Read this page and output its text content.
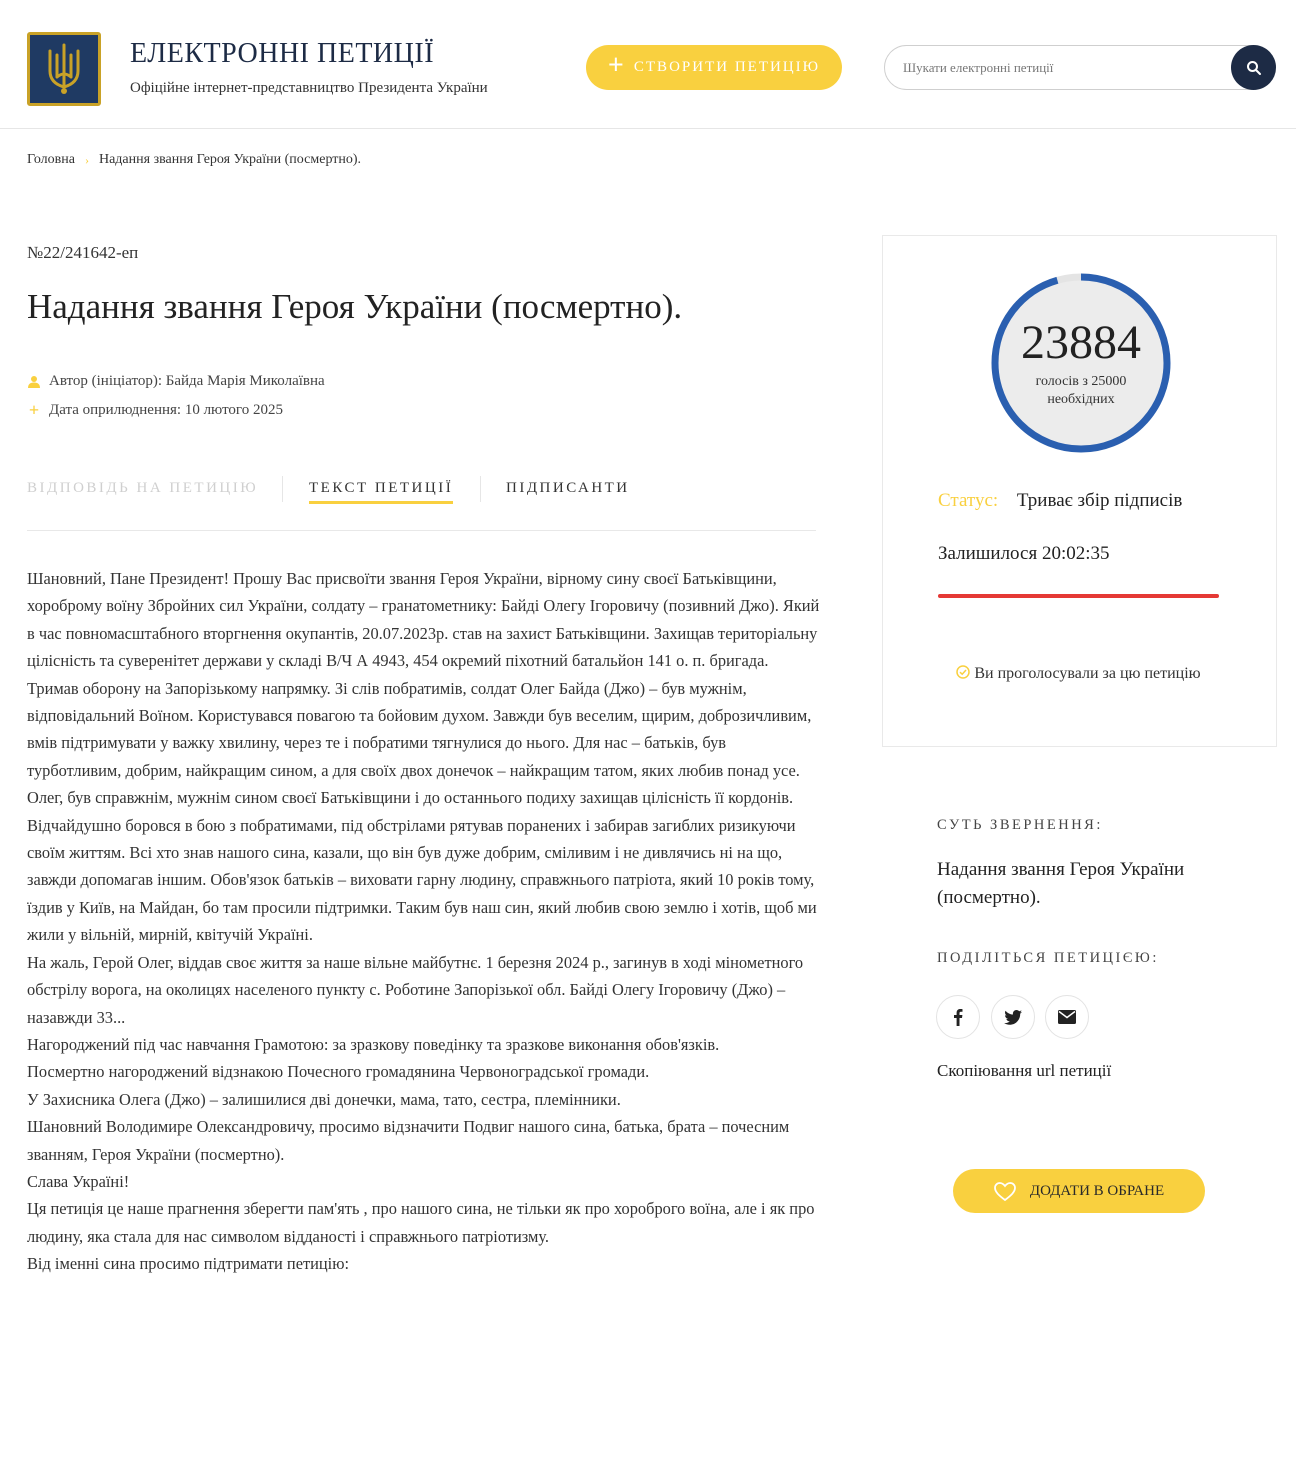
ЕЛЕКТРОННІ ПЕТИЦІЇ
Офіційне інтернет-представництво Президента України
+ СТВОРИТИ ПЕТИЦІЮ
Шукати електронні петиції
Головна › Надання звання Героя України (посмертно).
№22/241642-еп
Надання звання Героя України (посмертно).
Автор (ініціатор): Байда Марія Миколаївна
+ Дата оприлюднення: 10 лютого 2025
ВІДПОВІДЬ НА ПЕТИЦІЮ	ТЕКСТ ПЕТИЦІЇ	ПІДПИСАНТИ

Шановний, Пане Президент! Прошу Вас присвоїти звання Героя України, вірному сину своєї Батьківщини, хороброму воїну Збройних сил України, солдату – гранатометнику: Байді Олегу Ігоровичу (позивний Джо). Який в час повномасштабного вторгнення окупантів, 20.07.2023р. став на захист Батьківщини. Захищав територіальну цілісність та суверенітет держави у складі В/Ч А 4943, 454 окремий піхотний батальйон 141 о. п. бригада. Тримав оборону на Запорізькому напрямку. Зі слів побратимів, солдат Олег Байда (Джо) – був мужнім, відповідальний Воїном. Користувався повагою та бойовим духом. Завжди був веселим, щирим, доброзичливим, вмів підтримувати у важку хвилину, через те і побратими тягнулися до нього. Для нас – батьків, був турботливим, добрим, найкращим сином, а для своїх двох донечок – найкращим татом, яких любив понад усе.

Олег, був справжнім, мужнім сином своєї Батьківщини і до останнього подиху захищав цілісність її кордонів. Відчайдушно боровся в бою з побратимами, під обстрілами рятував поранених і забирав загиблих ризикуючи своїм життям. Всі хто знав нашого сина, казали, що він був дуже добрим, сміливим і не дивлячись ні на що, завжди допомагав іншим. Обов'язок батьків – виховати гарну людину, справжнього патріота, який 10 років тому, їздив у Київ, на Майдан, бо там просили підтримки. Таким був наш син, який любив свою землю і хотів, щоб ми жили у вільній, мирній, квітучій Україні.

На жаль, Герой Олег, віддав своє життя за наше вільне майбутнє. 1 березня 2024 р., загинув в ході мінометного обстрілу ворога, на околицях населеного пункту с. Роботине Запорізької обл. Байді Олегу Ігоровичу (Джо) – назавжди 33...

Нагороджений під час навчання Грамотою: за зразкову поведінку та зразкове виконання обов'язків.

Посмертно нагороджений відзнакою Почесного громадянина Червоноградської громади.

У Захисника Олега (Джо) – залишилися дві донечки, мама, тато, сестра, племінники.

Шановний Володимире Олександровичу, просимо відзначити Подвиг нашого сина, батька, брата – почесним званням, Героя України (посмертно).

Слава Україні!

Ця петиція це наше прагнення зберегти пам'ять , про нашого сина, не тільки як про хороброго воїна, але і як про людину, яка стала для нас символом відданості і справжнього патріотизму.

Від іменні сина просимо підтримати петицію:

23884
голосів з 25000
необхідних
Статус: Триває збір підписів
Залишилося 20:02:35
Ви проголосували за цю петицію
СУТЬ ЗВЕРНЕННЯ:
Надання звання Героя України (посмертно).
ПОДІЛІТЬСЯ ПЕТИЦІЄЮ:
Скопіювання url петиції
ДОДАТИ В ОБРАНЕ
